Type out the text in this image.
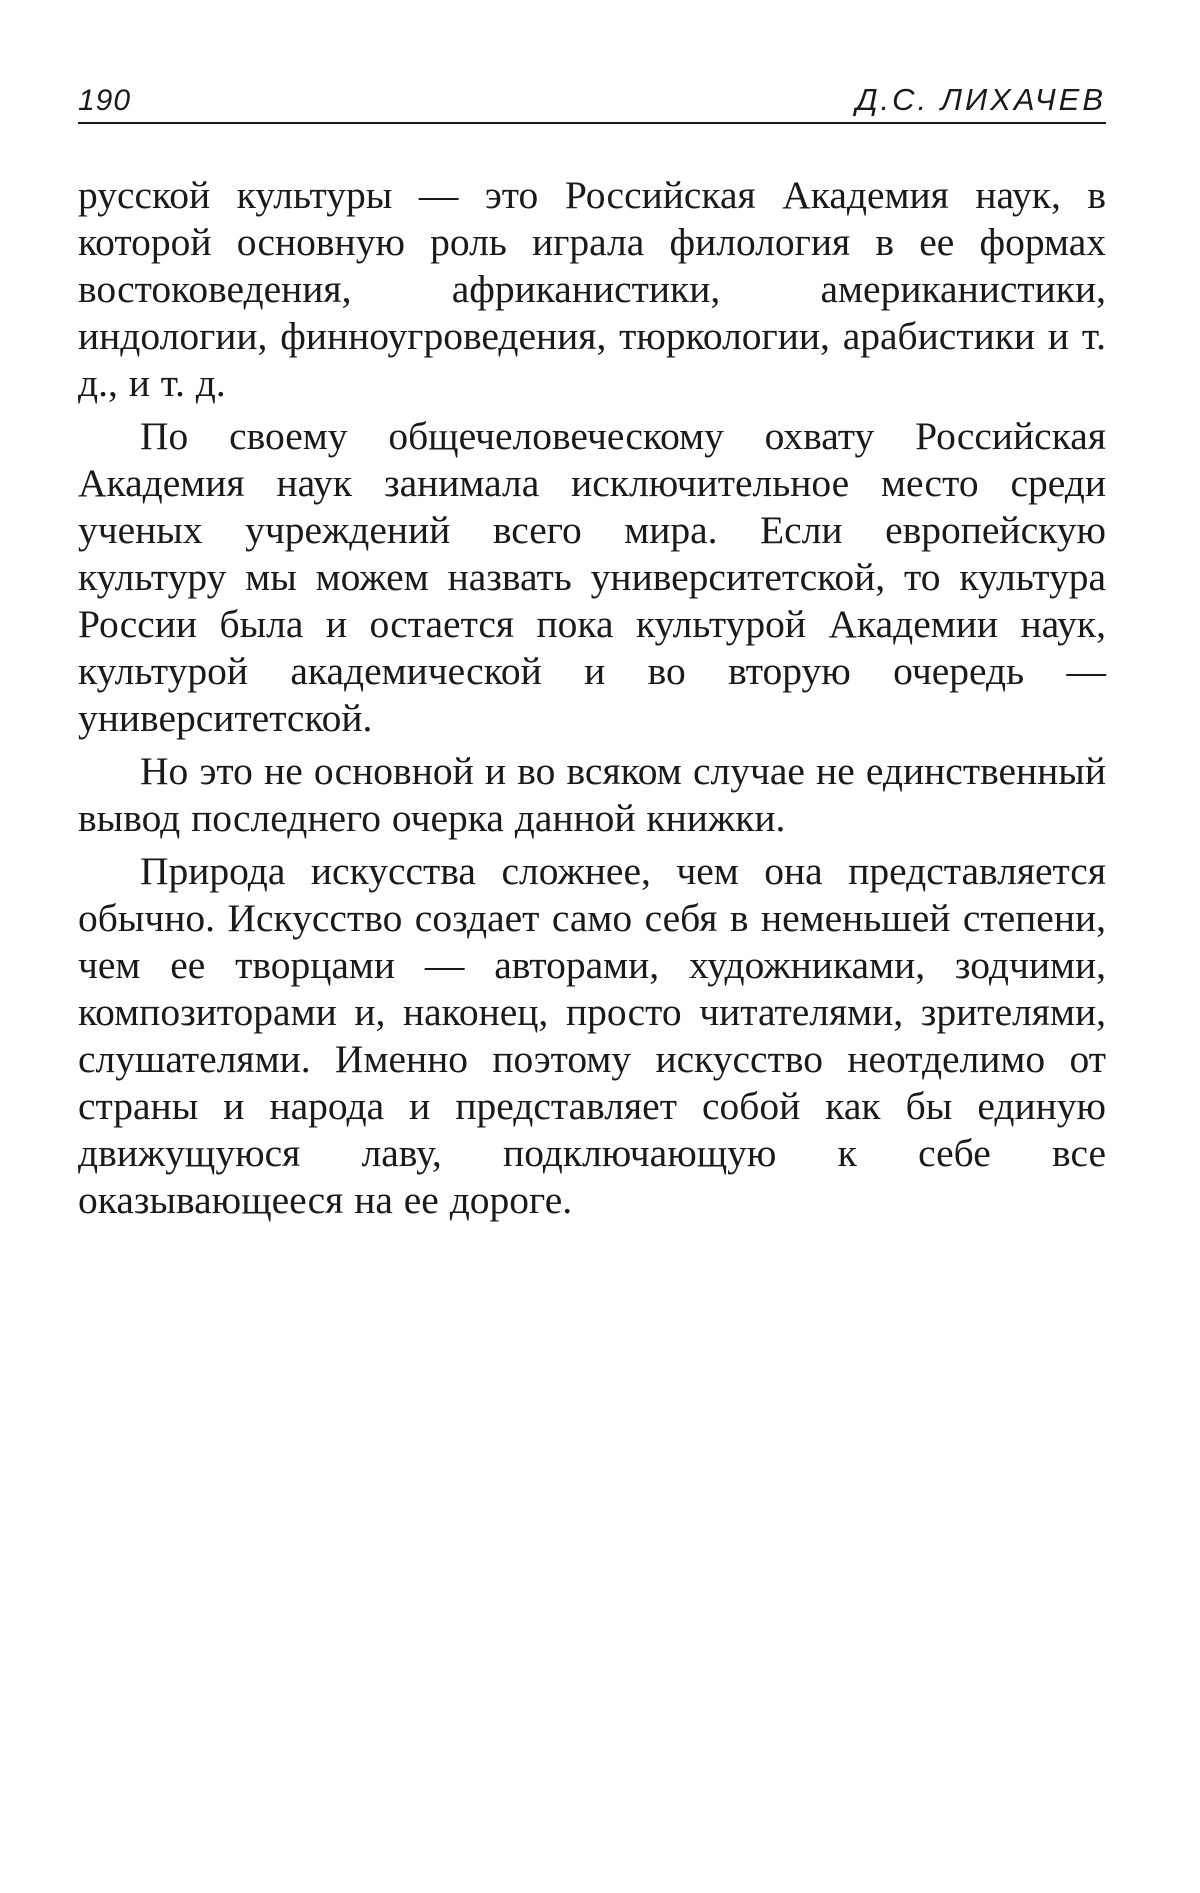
190	Д.С. ЛИХАЧЕВ

русской культуры — это Российская Академия наук, в которой основную роль играла филология в ее формах востоковедения, африканистики, американистики, индологии, финноугроведения, тюркологии, арабистики и т. д., и т. д.

По своему общечеловеческому охвату Российская Академия наук занимала исключительное место среди ученых учреждений всего мира. Если европейскую культуру мы можем назвать университетской, то культура России была и остается пока культурой Академии наук, культурой академической и во вторую очередь — университетской.

Но это не основной и во всяком случае не единственный вывод последнего очерка данной книжки.

Природа искусства сложнее, чем она представляется обычно. Искусство создает само себя в неменьшей степени, чем ее творцами — авторами, художниками, зодчими, композиторами и, наконец, просто читателями, зрителями, слушателями. Именно поэтому искусство неотделимо от страны и народа и представляет собой как бы единую движущуюся лаву, подключающую к себе все оказывающееся на ее дороге.
